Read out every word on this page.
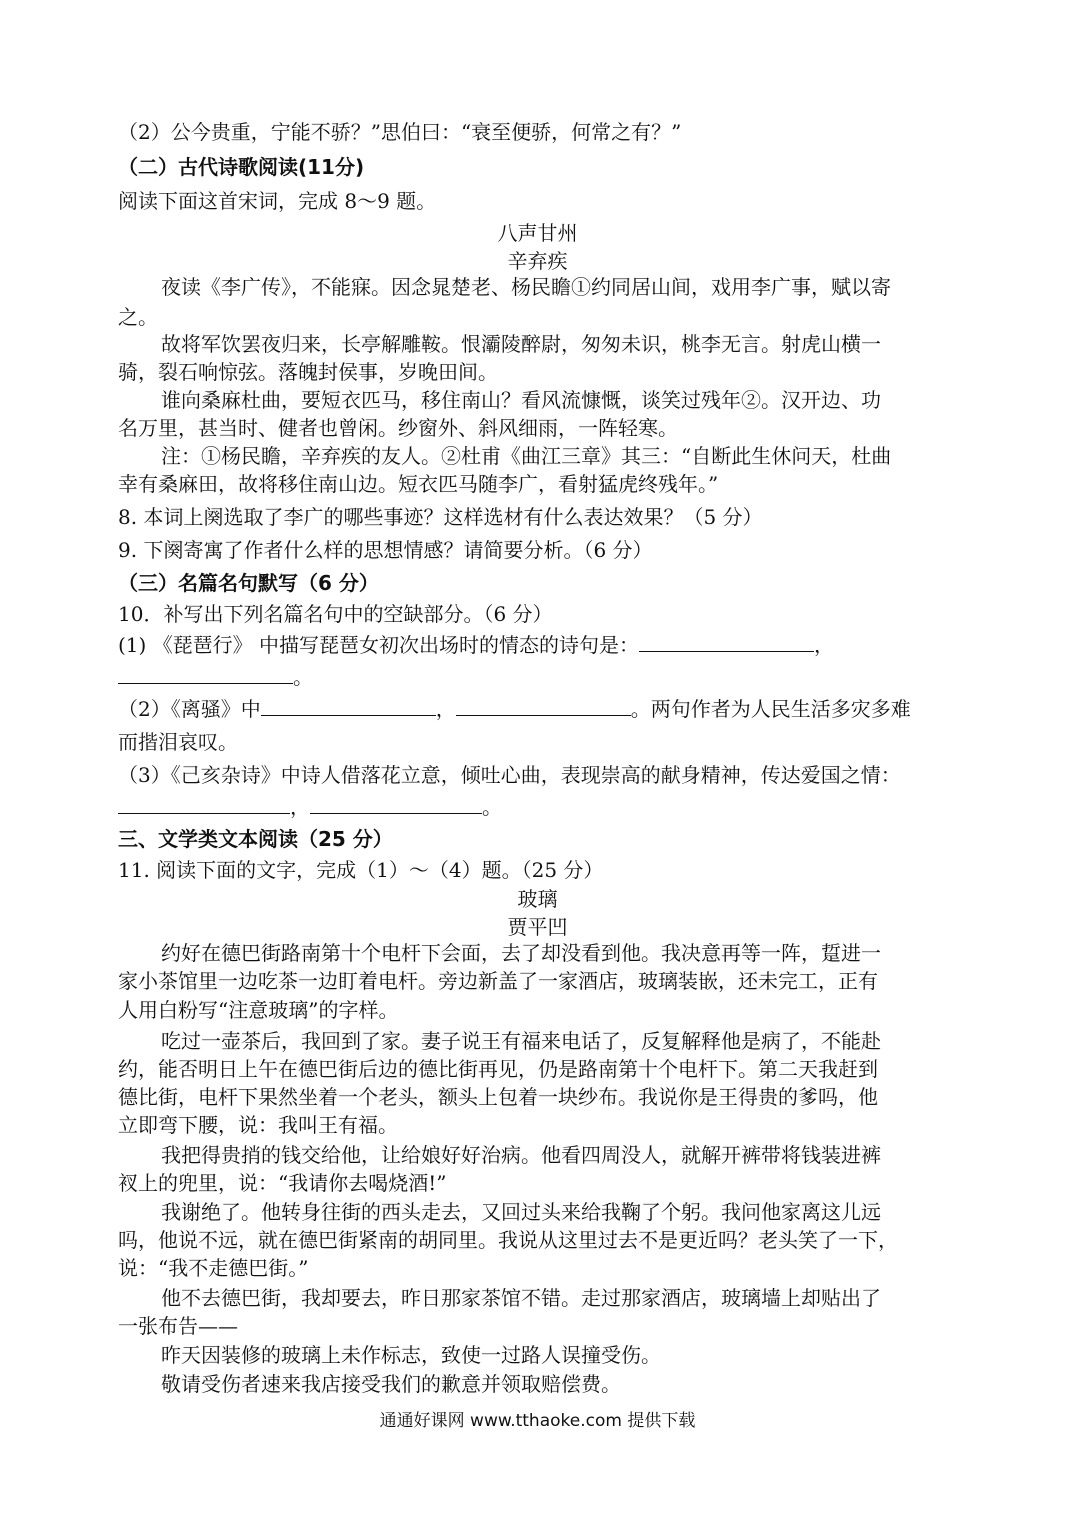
（2）公今贵重，宁能不骄？”思伯曰：“衰至便骄，何常之有？”
（二）古代诗歌阅读(11分)
阅读下面这首宋词，完成 8～9 题。
八声甘州
辛弃疾
夜读《李广传》，不能寐。因念晁楚老、杨民瞻①约同居山间，戏用李广事，赋以寄
之。
故将军饮罢夜归来，长亭解雕鞍。恨灞陵醉尉，匆匆未识，桃李无言。射虎山横一
骑，裂石响惊弦。落魄封侯事，岁晚田间。
谁向桑麻杜曲，要短衣匹马，移住南山？看风流慷慨，谈笑过残年②。汉开边、功
名万里，甚当时、健者也曾闲。纱窗外、斜风细雨，一阵轻寒。
注：①杨民瞻，辛弃疾的友人。②杜甫《曲江三章》其三：“自断此生休问天，杜曲
幸有桑麻田，故将移住南山边。短衣匹马随李广，看射猛虎终残年。”
8. 本词上阕选取了李广的哪些事迹？这样选材有什么表达效果？（5 分）
9. 下阕寄寓了作者什么样的思想情感？请简要分析。（6 分）
（三）名篇名句默写（6 分）
10．补写出下列名篇名句中的空缺部分。（6 分）
(1) 《琵琶行》 中描写琵琶女初次出场时的情态的诗句是：	，
。
（2）《离骚》中	，	。两句作者为人民生活多灾多难
而揩泪哀叹。
（3）《己亥杂诗》中诗人借落花立意，倾吐心曲，表现崇高的献身精神，传达爱国之情：
，	。
三、文学类文本阅读（25 分）
11. 阅读下面的文字，完成（1）～（4）题。（25 分）
玻璃
贾平凹
约好在德巴街路南第十个电杆下会面，去了却没看到他。我决意再等一阵，踅进一
家小茶馆里一边吃茶一边盯着电杆。旁边新盖了一家酒店，玻璃装嵌，还未完工，正有
人用白粉写“注意玻璃”的字样。
吃过一壶茶后，我回到了家。妻子说王有福来电话了，反复解释他是病了，不能赴
约，能否明日上午在德巴街后边的德比街再见，仍是路南第十个电杆下。第二天我赶到
德比街，电杆下果然坐着一个老头，额头上包着一块纱布。我说你是王得贵的爹吗，他
立即弯下腰，说：我叫王有福。
我把得贵捎的钱交给他，让给娘好好治病。他看四周没人，就解开裤带将钱装进裤
衩上的兜里，说：“我请你去喝烧酒!”
我谢绝了。他转身往街的西头走去，又回过头来给我鞠了个躬。我问他家离这儿远
吗，他说不远，就在德巴街紧南的胡同里。我说从这里过去不是更近吗？老头笑了一下，
说：“我不走德巴街。”
他不去德巴街，我却要去，昨日那家茶馆不错。走过那家酒店，玻璃墙上却贴出了
一张布告——
昨天因装修的玻璃上未作标志，致使一过路人误撞受伤。
敬请受伤者速来我店接受我们的歉意并领取赔偿费。
通通好课网 www.tthaoke.com 提供下载
